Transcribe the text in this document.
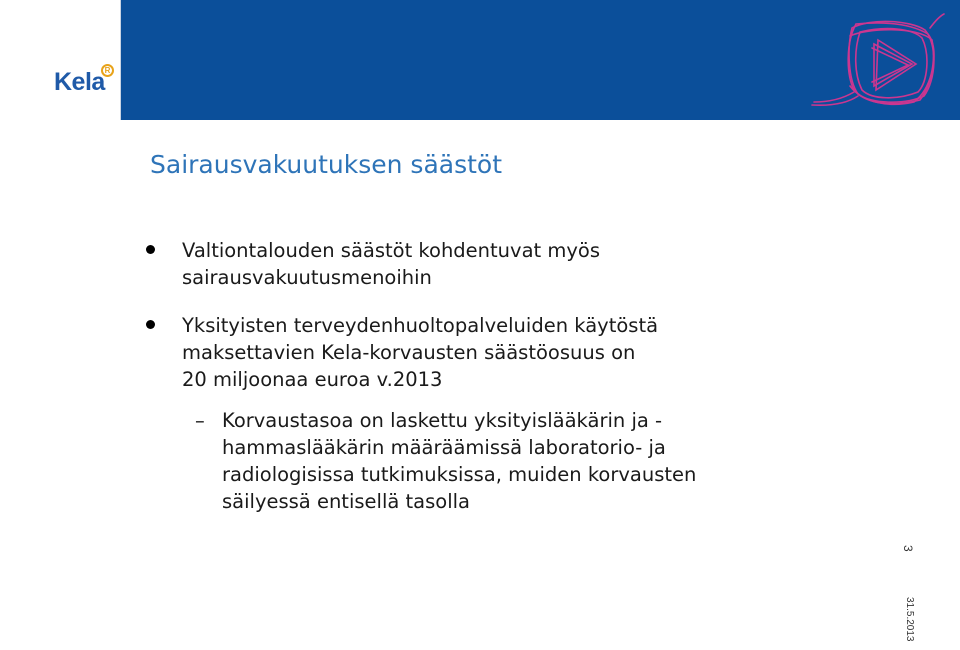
Kela R
Sairausvakuutuksen säästöt
Valtiontalouden säästöt kohdentuvat myös
sairausvakuutusmenoihin
Yksityisten terveydenhuoltopalveluiden käytöstä
maksettavien Kela-korvausten säästöosuus on
20 miljoonaa euroa v.2013
– Korvaustasoa on laskettu yksityislääkärin ja -
hammaslääkärin määräämissä laboratorio- ja
radiologisissa tutkimuksissa, muiden korvausten
säilyessä entisellä tasolla
3
31.5.2013
